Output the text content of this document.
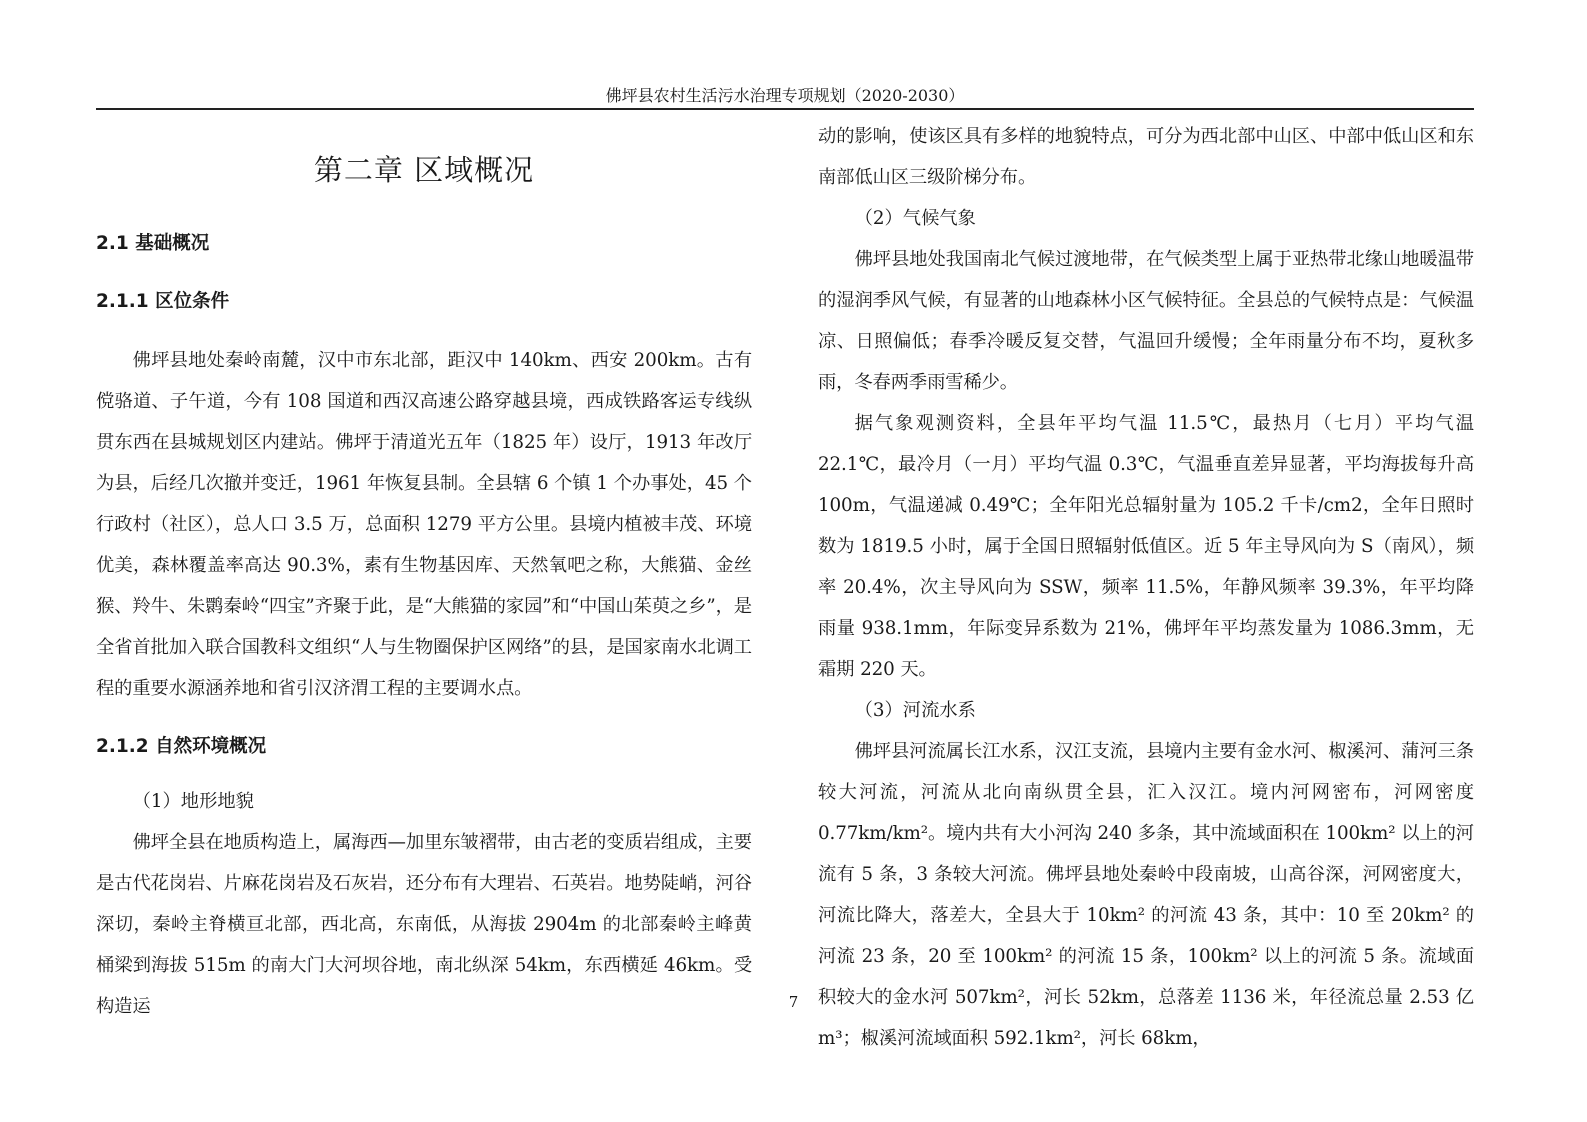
佛坪县农村生活污水治理专项规划（2020-2030）
第二章 区域概况
2.1 基础概况
2.1.1 区位条件

佛坪县地处秦岭南麓，汉中市东北部，距汉中 140km、西安 200km。古有傥骆道、子午道，今有 108 国道和西汉高速公路穿越县境，西成铁路客运专线纵贯东西在县城规划区内建站。佛坪于清道光五年（1825 年）设厅，1913 年改厅为县，后经几次撤并变迁，1961 年恢复县制。全县辖 6 个镇 1 个办事处，45 个行政村（社区），总人口 3.5 万，总面积 1279 平方公里。县境内植被丰茂、环境优美，森林覆盖率高达 90.3%，素有生物基因库、天然氧吧之称，大熊猫、金丝猴、羚牛、朱鹮秦岭“四宝”齐聚于此，是“大熊猫的家园”和“中国山茱萸之乡”，是全省首批加入联合国教科文组织“人与生物圈保护区网络”的县，是国家南水北调工程的重要水源涵养地和省引汉济渭工程的主要调水点。

2.1.2 自然环境概况

（1）地形地貌

佛坪全县在地质构造上，属海西—加里东皱褶带，由古老的变质岩组成，主要是古代花岗岩、片麻花岗岩及石灰岩，还分布有大理岩、石英岩。地势陡峭，河谷深切，秦岭主脊横亘北部，西北高，东南低，从海拔 2904m 的北部秦岭主峰黄桶梁到海拔 515m 的南大门大河坝谷地，南北纵深 54km，东西横延 46km。受构造运

动的影响，使该区具有多样的地貌特点，可分为西北部中山区、中部中低山区和东南部低山区三级阶梯分布。

（2）气候气象

佛坪县地处我国南北气候过渡地带，在气候类型上属于亚热带北缘山地暖温带的湿润季风气候，有显著的山地森林小区气候特征。全县总的气候特点是：气候温凉、日照偏低；春季冷暖反复交替，气温回升缓慢；全年雨量分布不均，夏秋多雨，冬春两季雨雪稀少。

据气象观测资料，全县年平均气温 11.5℃，最热月（七月）平均气温 22.1℃，最冷月（一月）平均气温 0.3℃，气温垂直差异显著，平均海拔每升高 100m，气温递减 0.49℃；全年阳光总辐射量为 105.2 千卡/cm2，全年日照时数为 1819.5 小时，属于全国日照辐射低值区。近 5 年主导风向为 S（南风），频率 20.4%，次主导风向为 SSW，频率 11.5%，年静风频率 39.3%，年平均降雨量 938.1mm，年际变异系数为 21%，佛坪年平均蒸发量为 1086.3mm，无霜期 220 天。

（3）河流水系

佛坪县河流属长江水系，汉江支流，县境内主要有金水河、椒溪河、蒲河三条较大河流，河流从北向南纵贯全县，汇入汉江。境内河网密布，河网密度 0.77km/km²。境内共有大小河沟 240 多条，其中流域面积在 100km² 以上的河流有 5 条，3 条较大河流。佛坪县地处秦岭中段南坡，山高谷深，河网密度大，河流比降大，落差大，全县大于 10km² 的河流 43 条，其中：10 至 20km² 的河流 23 条，20 至 100km² 的河流 15 条，100km² 以上的河流 5 条。流域面积较大的金水河 507km²，河长 52km，总落差 1136 米，年径流总量 2.53 亿 m³；椒溪河流域面积 592.1km²，河长 68km，

7
